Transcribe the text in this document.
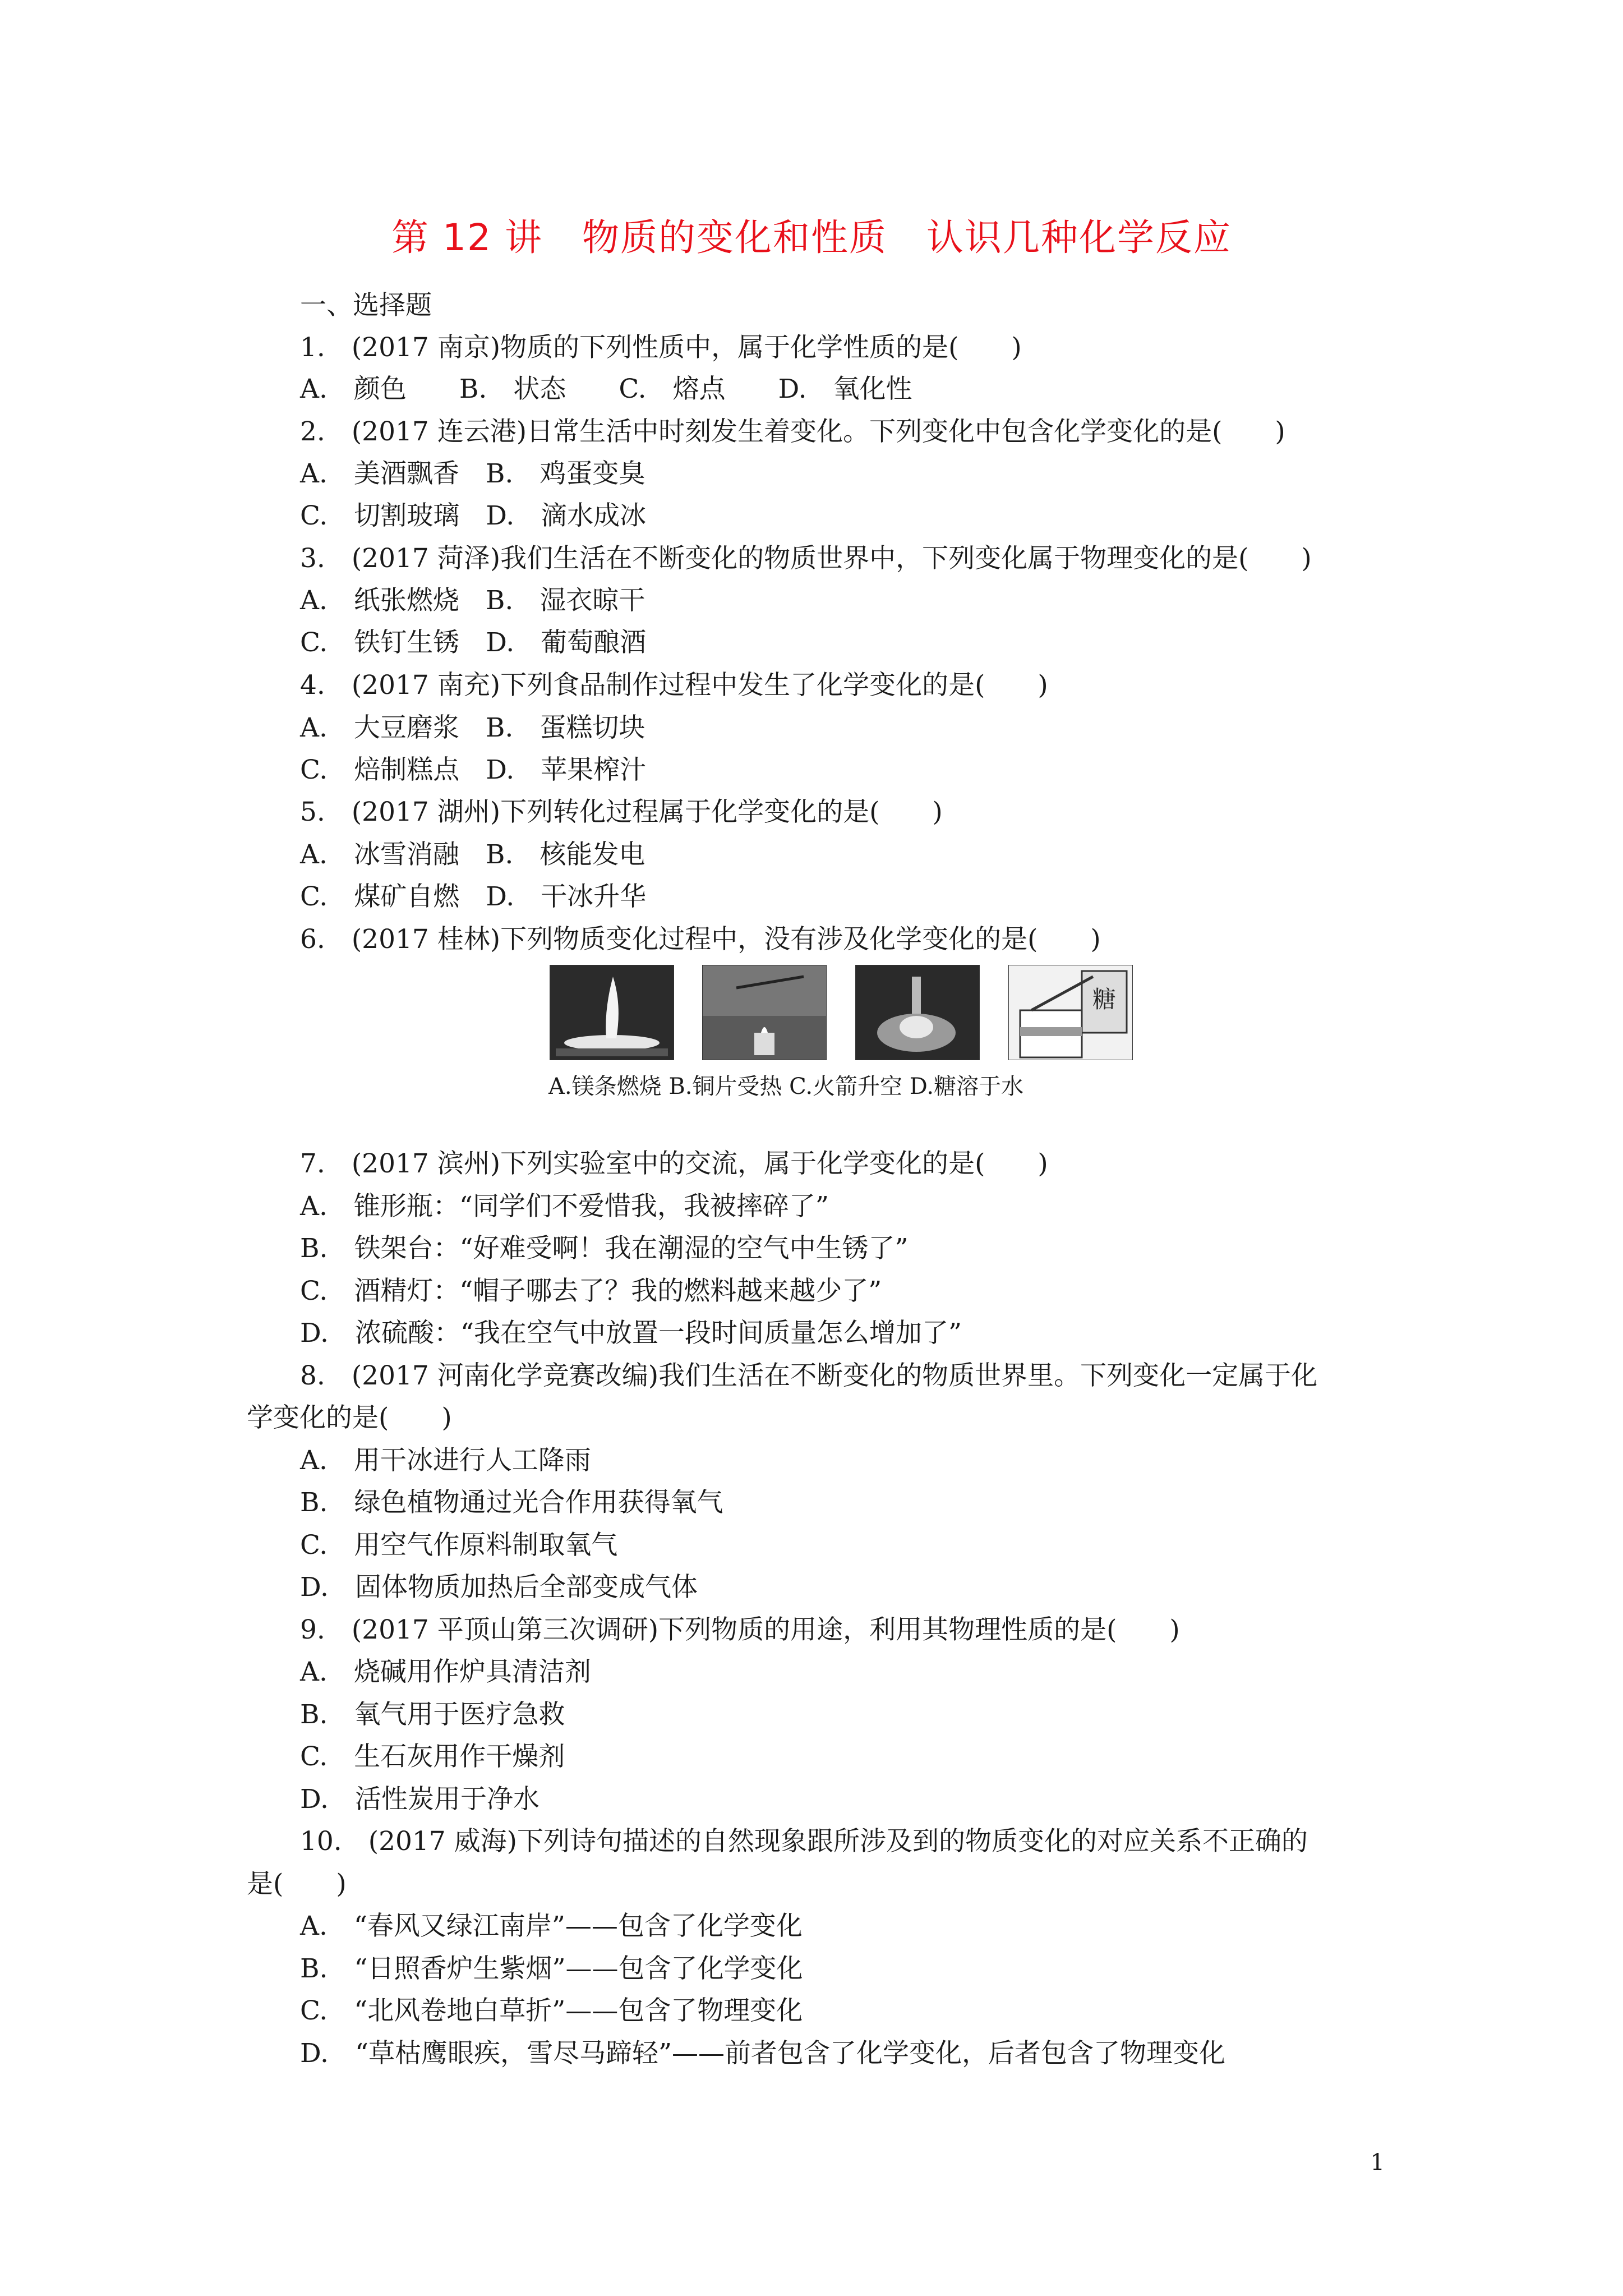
第 12 讲 物质的变化和性质 认识几种化学反应
一、选择题
1.　(2017 南京)物质的下列性质中，属于化学性质的是(　　)
A.　颜色　　B.　状态　　C.　熔点　　D.　氧化性
2.　(2017 连云港)日常生活中时刻发生着变化。下列变化中包含化学变化的是(　　)
A.　美酒飘香　B.　鸡蛋变臭
C.　切割玻璃　D.　滴水成冰
3.　(2017 菏泽)我们生活在不断变化的物质世界中，下列变化属于物理变化的是(　　)
A.　纸张燃烧　B.　湿衣晾干
C.　铁钉生锈　D.　葡萄酿酒
4.　(2017 南充)下列食品制作过程中发生了化学变化的是(　　)
A.　大豆磨浆　B.　蛋糕切块
C.　焙制糕点　D.　苹果榨汁
5.　(2017 湖州)下列转化过程属于化学变化的是(　　)
A.　冰雪消融　B.　核能发电
C.　煤矿自燃　D.　干冰升华
6.　(2017 桂林)下列物质变化过程中，没有涉及化学变化的是(　　)
糖
A.镁条燃烧 B.铜片受热 C.火箭升空 D.糖溶于水
7.　(2017 滨州)下列实验室中的交流，属于化学变化的是(　　)
A.　锥形瓶：“同学们不爱惜我，我被摔碎了”
B.　铁架台：“好难受啊！我在潮湿的空气中生锈了”
C.　酒精灯：“帽子哪去了？我的燃料越来越少了”
D.　浓硫酸：“我在空气中放置一段时间质量怎么增加了”
8.　(2017 河南化学竞赛改编)我们生活在不断变化的物质世界里。下列变化一定属于化
学变化的是(　　)
A.　用干冰进行人工降雨
B.　绿色植物通过光合作用获得氧气
C.　用空气作原料制取氧气
D.　固体物质加热后全部变成气体
9.　(2017 平顶山第三次调研)下列物质的用途，利用其物理性质的是(　　)
A.　烧碱用作炉具清洁剂
B.　氧气用于医疗急救
C.　生石灰用作干燥剂
D.　活性炭用于净水
10.　(2017 威海)下列诗句描述的自然现象跟所涉及到的物质变化的对应关系不正确的
是(　　)
A.　“春风又绿江南岸”——包含了化学变化
B.　“日照香炉生紫烟”——包含了化学变化
C.　“北风卷地白草折”——包含了物理变化
D.　“草枯鹰眼疾，雪尽马蹄轻”——前者包含了化学变化，后者包含了物理变化
1
